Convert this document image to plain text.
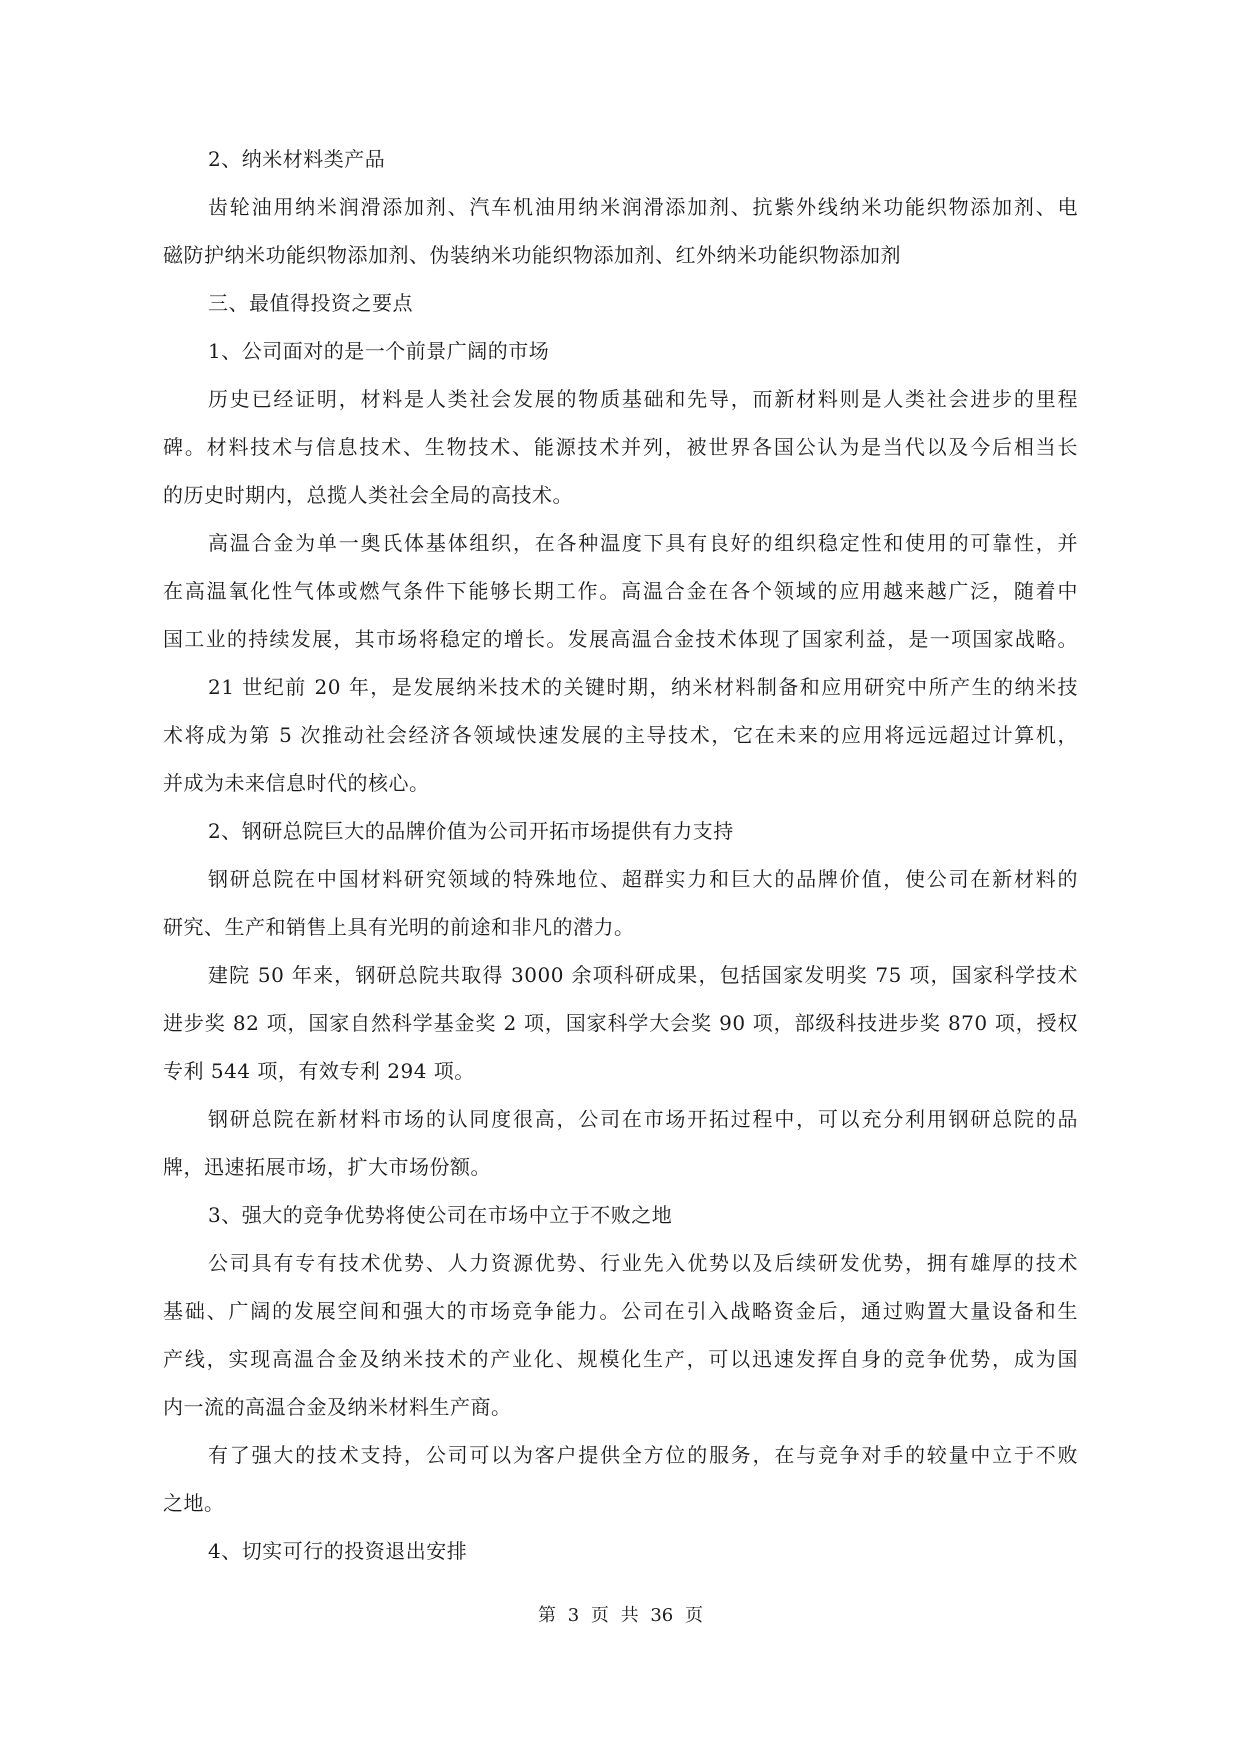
2、纳米材料类产品
齿轮油用纳米润滑添加剂、汽车机油用纳米润滑添加剂、抗紫外线纳米功能织物添加剂、电
磁防护纳米功能织物添加剂、伪装纳米功能织物添加剂、红外纳米功能织物添加剂
三、最值得投资之要点
1、公司面对的是一个前景广阔的市场
历史已经证明，材料是人类社会发展的物质基础和先导，而新材料则是人类社会进步的里程
碑。材料技术与信息技术、生物技术、能源技术并列，被世界各国公认为是当代以及今后相当长
的历史时期内，总揽人类社会全局的高技术。
高温合金为单一奥氏体基体组织，在各种温度下具有良好的组织稳定性和使用的可靠性，并
在高温氧化性气体或燃气条件下能够长期工作。高温合金在各个领域的应用越来越广泛，随着中
国工业的持续发展，其市场将稳定的增长。发展高温合金技术体现了国家利益，是一项国家战略。
21 世纪前 20 年，是发展纳米技术的关键时期，纳米材料制备和应用研究中所产生的纳米技
术将成为第 5 次推动社会经济各领域快速发展的主导技术，它在未来的应用将远远超过计算机，
并成为未来信息时代的核心。
2、钢研总院巨大的品牌价值为公司开拓市场提供有力支持
钢研总院在中国材料研究领域的特殊地位、超群实力和巨大的品牌价值，使公司在新材料的
研究、生产和销售上具有光明的前途和非凡的潜力。
建院 50 年来，钢研总院共取得 3000 余项科研成果，包括国家发明奖 75 项，国家科学技术
进步奖 82 项，国家自然科学基金奖 2 项，国家科学大会奖 90 项，部级科技进步奖 870 项，授权
专利 544 项，有效专利 294 项。
钢研总院在新材料市场的认同度很高，公司在市场开拓过程中，可以充分利用钢研总院的品
牌，迅速拓展市场，扩大市场份额。
3、强大的竞争优势将使公司在市场中立于不败之地
公司具有专有技术优势、人力资源优势、行业先入优势以及后续研发优势，拥有雄厚的技术
基础、广阔的发展空间和强大的市场竞争能力。公司在引入战略资金后，通过购置大量设备和生
产线，实现高温合金及纳米技术的产业化、规模化生产，可以迅速发挥自身的竞争优势，成为国
内一流的高温合金及纳米材料生产商。
有了强大的技术支持，公司可以为客户提供全方位的服务，在与竞争对手的较量中立于不败
之地。
4、切实可行的投资退出安排
第 3 页 共 36 页
